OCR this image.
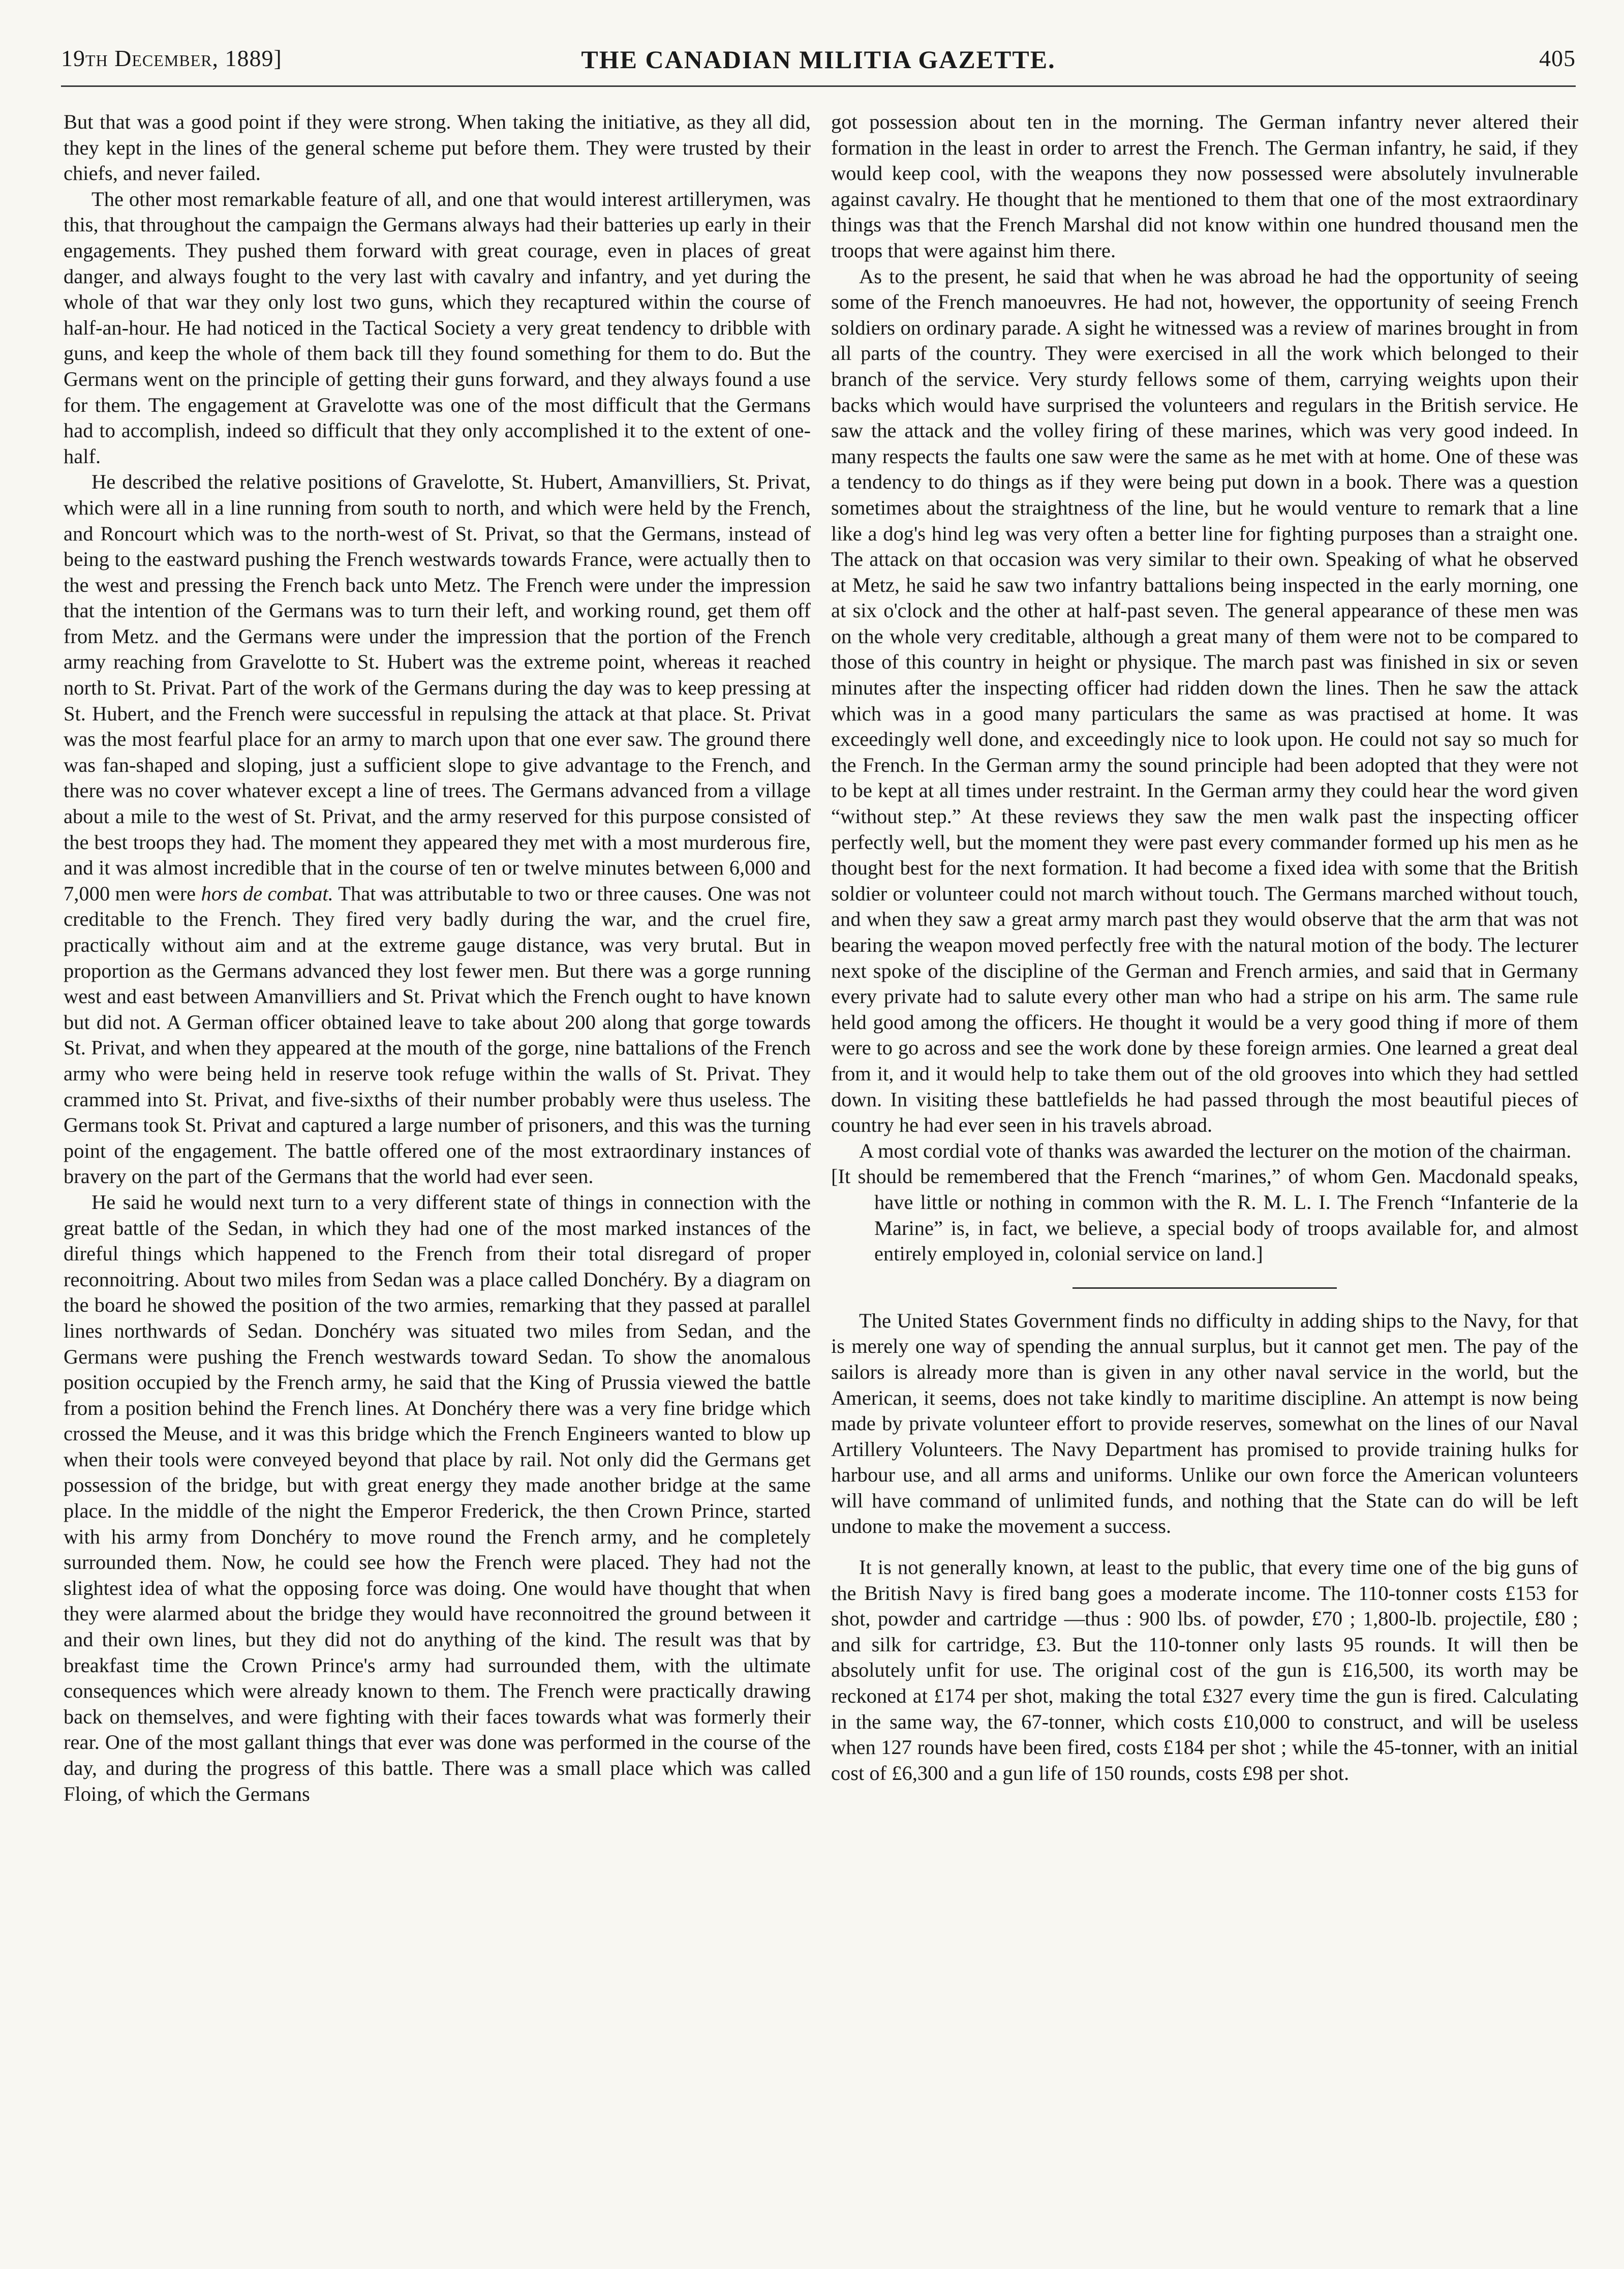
19th December, 1889]	THE CANADIAN MILITIA GAZETTE.	405

But that was a good point if they were strong. When taking the initiative, as they all did, they kept in the lines of the general scheme put before them. They were trusted by their chiefs, and never failed.

The other most remarkable feature of all, and one that would interest artillerymen, was this, that throughout the campaign the Germans always had their batteries up early in their engagements. They pushed them forward with great courage, even in places of great danger, and always fought to the very last with cavalry and infantry, and yet during the whole of that war they only lost two guns, which they recaptured within the course of half-an-hour. He had noticed in the Tactical Society a very great tendency to dribble with guns, and keep the whole of them back till they found something for them to do. But the Germans went on the principle of getting their guns forward, and they always found a use for them. The engagement at Gravelotte was one of the most difficult that the Germans had to accomplish, indeed so difficult that they only accomplished it to the extent of one-half.

He described the relative positions of Gravelotte, St. Hubert, Amanvilliers, St. Privat, which were all in a line running from south to north, and which were held by the French, and Roncourt which was to the north-west of St. Privat, so that the Germans, instead of being to the eastward pushing the French westwards towards France, were actually then to the west and pressing the French back unto Metz. The French were under the impression that the intention of the Germans was to turn their left, and working round, get them off from Metz. and the Germans were under the impression that the portion of the French army reaching from Gravelotte to St. Hubert was the extreme point, whereas it reached north to St. Privat. Part of the work of the Germans during the day was to keep pressing at St. Hubert, and the French were successful in repulsing the attack at that place. St. Privat was the most fearful place for an army to march upon that one ever saw. The ground there was fan-shaped and sloping, just a sufficient slope to give advantage to the French, and there was no cover whatever except a line of trees. The Germans advanced from a village about a mile to the west of St. Privat, and the army reserved for this purpose consisted of the best troops they had. The moment they appeared they met with a most murderous fire, and it was almost incredible that in the course of ten or twelve minutes between 6,000 and 7,000 men were hors de combat. That was attributable to two or three causes. One was not creditable to the French. They fired very badly during the war, and the cruel fire, practically without aim and at the extreme gauge distance, was very brutal. But in proportion as the Germans advanced they lost fewer men. But there was a gorge running west and east between Amanvilliers and St. Privat which the French ought to have known but did not. A German officer obtained leave to take about 200 along that gorge towards St. Privat, and when they appeared at the mouth of the gorge, nine battalions of the French army who were being held in reserve took refuge within the walls of St. Privat. They crammed into St. Privat, and five-sixths of their number probably were thus useless. The Germans took St. Privat and captured a large number of prisoners, and this was the turning point of the engagement. The battle offered one of the most extraordinary instances of bravery on the part of the Germans that the world had ever seen.

He said he would next turn to a very different state of things in connection with the great battle of the Sedan, in which they had one of the most marked instances of the direful things which happened to the French from their total disregard of proper reconnoitring. About two miles from Sedan was a place called Donchéry. By a diagram on the board he showed the position of the two armies, remarking that they passed at parallel lines northwards of Sedan. Donchéry was situated two miles from Sedan, and the Germans were pushing the French westwards toward Sedan. To show the anomalous position occupied by the French army, he said that the King of Prussia viewed the battle from a position behind the French lines. At Donchéry there was a very fine bridge which crossed the Meuse, and it was this bridge which the French Engineers wanted to blow up when their tools were conveyed beyond that place by rail. Not only did the Germans get possession of the bridge, but with great energy they made another bridge at the same place. In the middle of the night the Emperor Frederick, the then Crown Prince, started with his army from Donchéry to move round the French army, and he completely surrounded them. Now, he could see how the French were placed. They had not the slightest idea of what the opposing force was doing. One would have thought that when they were alarmed about the bridge they would have reconnoitred the ground between it and their own lines, but they did not do anything of the kind. The result was that by breakfast time the Crown Prince's army had surrounded them, with the ultimate consequences which were already known to them. The French were practically drawing back on themselves, and were fighting with their faces towards what was formerly their rear. One of the most gallant things that ever was done was performed in the course of the day, and during the progress of this battle. There was a small place which was called Floing, of which the Germans

got possession about ten in the morning. The German infantry never altered their formation in the least in order to arrest the French. The German infantry, he said, if they would keep cool, with the weapons they now possessed were absolutely invulnerable against cavalry. He thought that he mentioned to them that one of the most extraordinary things was that the French Marshal did not know within one hundred thousand men the troops that were against him there.

As to the present, he said that when he was abroad he had the opportunity of seeing some of the French manoeuvres. He had not, however, the opportunity of seeing French soldiers on ordinary parade. A sight he witnessed was a review of marines brought in from all parts of the country. They were exercised in all the work which belonged to their branch of the service. Very sturdy fellows some of them, carrying weights upon their backs which would have surprised the volunteers and regulars in the British service. He saw the attack and the volley firing of these marines, which was very good indeed. In many respects the faults one saw were the same as he met with at home. One of these was a tendency to do things as if they were being put down in a book. There was a question sometimes about the straightness of the line, but he would venture to remark that a line like a dog's hind leg was very often a better line for fighting purposes than a straight one. The attack on that occasion was very similar to their own. Speaking of what he observed at Metz, he said he saw two infantry battalions being inspected in the early morning, one at six o'clock and the other at half-past seven. The general appearance of these men was on the whole very creditable, although a great many of them were not to be compared to those of this country in height or physique. The march past was finished in six or seven minutes after the inspecting officer had ridden down the lines. Then he saw the attack which was in a good many particulars the same as was practised at home. It was exceedingly well done, and exceedingly nice to look upon. He could not say so much for the French. In the German army the sound principle had been adopted that they were not to be kept at all times under restraint. In the German army they could hear the word given “without step.” At these reviews they saw the men walk past the inspecting officer perfectly well, but the moment they were past every commander formed up his men as he thought best for the next formation. It had become a fixed idea with some that the British soldier or volunteer could not march without touch. The Germans marched without touch, and when they saw a great army march past they would observe that the arm that was not bearing the weapon moved perfectly free with the natural motion of the body. The lecturer next spoke of the discipline of the German and French armies, and said that in Germany every private had to salute every other man who had a stripe on his arm. The same rule held good among the officers. He thought it would be a very good thing if more of them were to go across and see the work done by these foreign armies. One learned a great deal from it, and it would help to take them out of the old grooves into which they had settled down. In visiting these battlefields he had passed through the most beautiful pieces of country he had ever seen in his travels abroad.

A most cordial vote of thanks was awarded the lecturer on the motion of the chairman.

[It should be remembered that the French “marines,” of whom Gen. Macdonald speaks, have little or nothing in common with the R. M. L. I. The French “Infanterie de la Marine” is, in fact, we believe, a special body of troops available for, and almost entirely employed in, colonial service on land.]

The United States Government finds no difficulty in adding ships to the Navy, for that is merely one way of spending the annual surplus, but it cannot get men. The pay of the sailors is already more than is given in any other naval service in the world, but the American, it seems, does not take kindly to maritime discipline. An attempt is now being made by private volunteer effort to provide reserves, somewhat on the lines of our Naval Artillery Volunteers. The Navy Department has promised to provide training hulks for harbour use, and all arms and uniforms. Unlike our own force the American volunteers will have command of unlimited funds, and nothing that the State can do will be left undone to make the movement a success.

It is not generally known, at least to the public, that every time one of the big guns of the British Navy is fired bang goes a moderate income. The 110-tonner costs £153 for shot, powder and cartridge —thus : 900 lbs. of powder, £70 ; 1,800-lb. projectile, £80 ; and silk for cartridge, £3. But the 110-tonner only lasts 95 rounds. It will then be absolutely unfit for use. The original cost of the gun is £16,500, its worth may be reckoned at £174 per shot, making the total £327 every time the gun is fired. Calculating in the same way, the 67-tonner, which costs £10,000 to construct, and will be useless when 127 rounds have been fired, costs £184 per shot ; while the 45-tonner, with an initial cost of £6,300 and a gun life of 150 rounds, costs £98 per shot.
